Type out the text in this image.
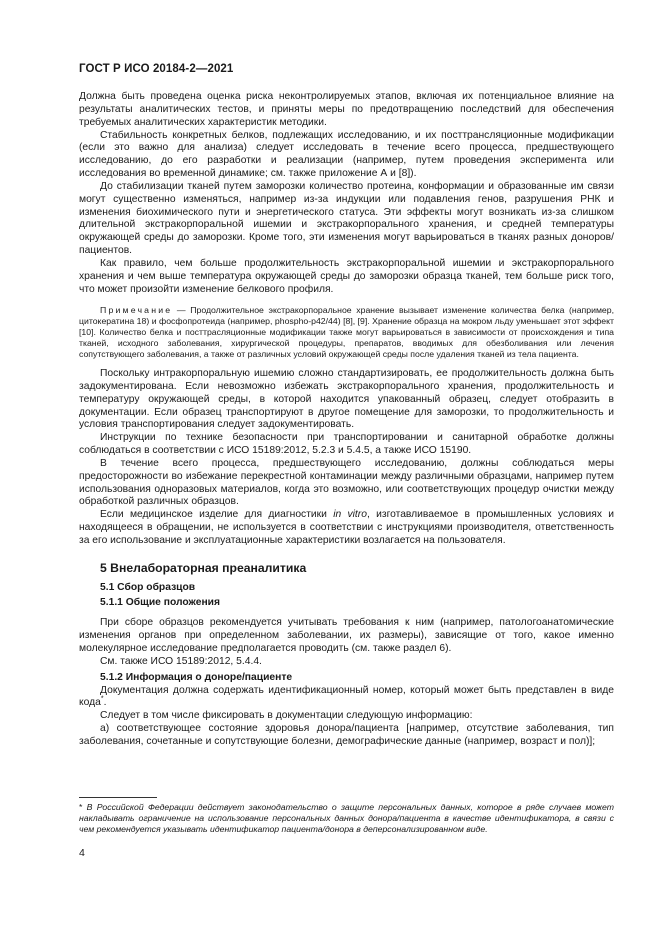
ГОСТ Р ИСО 20184-2—2021

Должна быть проведена оценка риска неконтролируемых этапов, включая их потенциальное влияние на результаты аналитических тестов, и приняты меры по предотвращению последствий для обеспечения требуемых аналитических характеристик методики.

Стабильность конкретных белков, подлежащих исследованию, и их посттрансляционные модификации (если это важно для анализа) следует исследовать в течение всего процесса, предшествующего исследованию, до его разработки и реализации (например, путем проведения эксперимента или исследования во временной динамике; см. также приложение А и [8]).

До стабилизации тканей путем заморозки количество протеина, конформации и образованные им связи могут существенно изменяться, например из-за индукции или подавления генов, разрушения РНК и изменения биохимического пути и энергетического статуса. Эти эффекты могут возникать из-за слишком длительной экстракорпоральной ишемии и экстракорпорального хранения, и средней температуры окружающей среды до заморозки. Кроме того, эти изменения могут варьироваться в тканях разных доноров/пациентов.

Как правило, чем больше продолжительность экстракорпоральной ишемии и экстракорпорального хранения и чем выше температура окружающей среды до заморозки образца тканей, тем больше риск того, что может произойти изменение белкового профиля.

Примечание — Продолжительное экстракорпоральное хранение вызывает изменение количества белка (например, цитокератина 18) и фосфопротеида (например, phospho-p42/44) [8], [9]. Хранение образца на мокром льду уменьшает этот эффект [10]. Количество белка и посттрасляционные модификации также могут варьироваться в зависимости от происхождения и типа тканей, исходного заболевания, хирургической процедуры, препаратов, вводимых для обезболивания или лечения сопутствующего заболевания, а также от различных условий окружающей среды после удаления тканей из тела пациента.

Поскольку интракорпоральную ишемию сложно стандартизировать, ее продолжительность должна быть задокументирована. Если невозможно избежать экстракорпорального хранения, продолжительность и температуру окружающей среды, в которой находится упакованный образец, следует отобразить в документации. Если образец транспортируют в другое помещение для заморозки, то продолжительность и условия транспортирования следует задокументировать.

Инструкции по технике безопасности при транспортировании и санитарной обработке должны соблюдаться в соответствии с ИСО 15189:2012, 5.2.3 и 5.4.5, а также ИСО 15190.

В течение всего процесса, предшествующего исследованию, должны соблюдаться меры предосторожности во избежание перекрестной контаминации между различными образцами, например путем использования одноразовых материалов, когда это возможно, или соответствующих процедур очистки между обработкой различных образцов.

Если медицинское изделие для диагностики in vitro, изготавливаемое в промышленных условиях и находящееся в обращении, не используется в соответствии с инструкциями производителя, ответственность за его использование и эксплуатационные характеристики возлагается на пользователя.

5 Внелабораторная преаналитика

5.1 Сбор образцов

5.1.1 Общие положения

При сборе образцов рекомендуется учитывать требования к ним (например, патологоанатомические изменения органов при определенном заболевании, их размеры), зависящие от того, какое именно молекулярное исследование предполагается проводить (см. также раздел 6).

См. также ИСО 15189:2012, 5.4.4.

5.1.2 Информация о доноре/пациенте

Документация должна содержать идентификационный номер, который может быть представлен в виде кода*.

Следует в том числе фиксировать в документации следующую информацию:

а) соответствующее состояние здоровья донора/пациента [например, отсутствие заболевания, тип заболевания, сочетанные и сопутствующие болезни, демографические данные (например, возраст и пол)];

* В Российской Федерации действует законодательство о защите персональных данных, которое в ряде случаев может накладывать ограничение на использование персональных данных донора/пациента в качестве идентификатора, в связи с чем рекомендуется указывать идентификатор пациента/донора в деперсонализированном виде.
4
